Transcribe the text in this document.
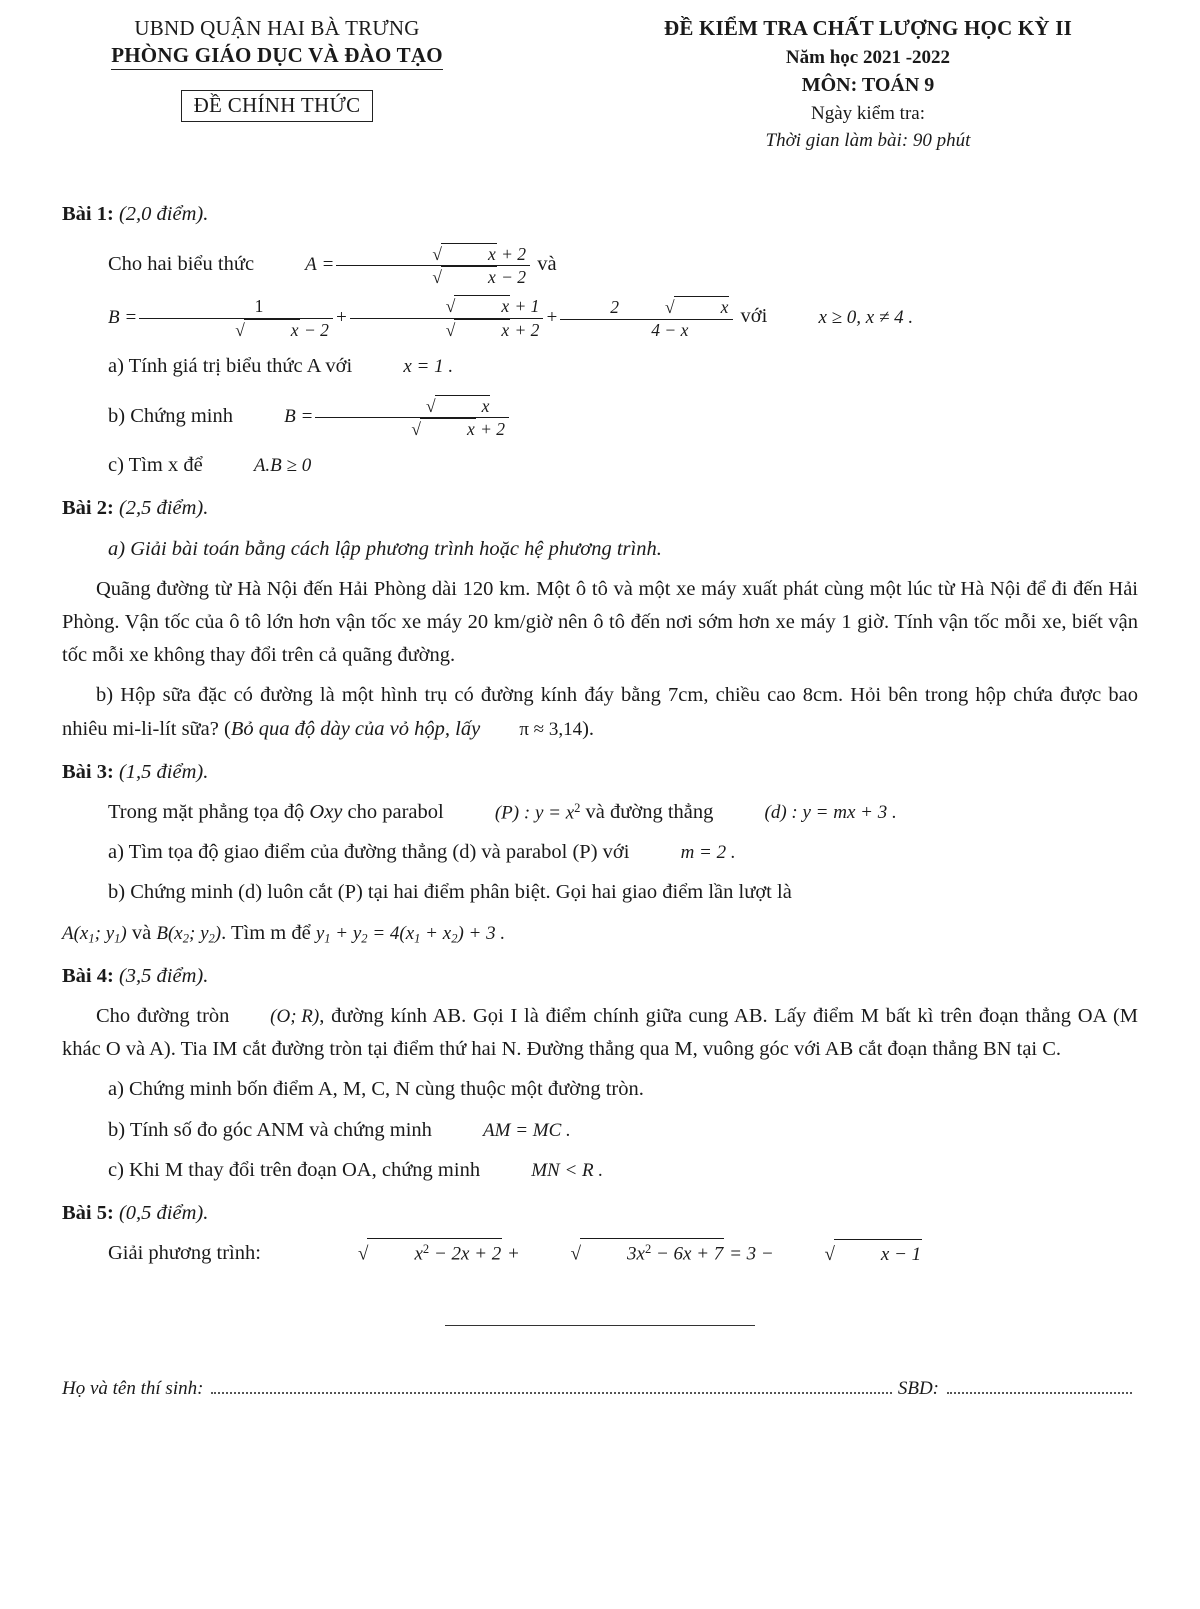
UBND QUẬN HAI BÀ TRƯNG
PHÒNG GIÁO DỤC VÀ ĐÀO TẠO ĐỀ CHÍNH THỨC
ĐỀ KIỂM TRA CHẤT LƯỢNG HỌC KỲ II
Năm học 2021 -2022
MÔN: TOÁN 9
Ngày kiểm tra:
Thời gian làm bài: 90 phút
Bài 1: (2,0 điểm).

Cho hai biểu thức	A = √	x + 2
√	x − 2 và B = 1
√	x − 2 + √	x + 1
√	x + 2 + 2	√	x
4 − x với	x ≥ 0, x ≠ 4 .

a) Tính giá trị biểu thức A với	x = 1 .

b) Chứng minh	B = √	x
√	x + 2

c) Tìm x để	A.B ≥ 0

Bài 2: (2,5 điểm).

a) Giải bài toán bằng cách lập phương trình hoặc hệ phương trình.

Quãng đường từ Hà Nội đến Hải Phòng dài 120 km. Một ô tô và một xe máy xuất phát cùng một lúc từ Hà Nội để đi đến Hải Phòng. Vận tốc của ô tô lớn hơn vận tốc xe máy 20 km/giờ nên ô tô đến nơi sớm hơn xe máy 1 giờ. Tính vận tốc mỗi xe, biết vận tốc mỗi xe không thay đổi trên cả quãng đường.

b) Hộp sữa đặc có đường là một hình trụ có đường kính đáy bằng 7cm, chiều cao 8cm. Hỏi bên trong hộp chứa được bao nhiêu mi-li-lít sữa? (Bỏ qua độ dày của vỏ hộp, lấy π ≈ 3,14).

Bài 3: (1,5 điểm).

Trong mặt phẳng tọa độ Oxy cho parabol	(P) : $y = x^2$ và đường thẳng	(d) : y = mx + 3 .

a) Tìm tọa độ giao điểm của đường thẳng (d) và parabol (P) với	m = 2 .

b) Chứng minh (d) luôn cắt (P) tại hai điểm phân biệt. Gọi hai giao điểm lần lượt là

$A(x_1$; $y_1$) và $B(x_2$; $y_2$). Tìm m để $y_1 + y_2 = 4(x_1 + x_2) + 3$ .

Bài 4: (3,5 điểm).

Cho đường tròn (O; R), đường kính AB. Gọi I là điểm chính giữa cung AB. Lấy điểm M bất kì trên đoạn thẳng OA (M khác O và A). Tia IM cắt đường tròn tại điểm thứ hai N. Đường thẳng qua M, vuông góc với AB cắt đoạn thẳng BN tại C.

a) Chứng minh bốn điểm A, M, C, N cùng thuộc một đường tròn.

b) Tính số đo góc ANM và chứng minh	AM = MC .

c) Khi M thay đổi trên đoạn OA, chứng minh	MN < R .

Bài 5: (0,5 điểm).

Giải phương trình:	√ $x^2 - 2x + 2$ + √ $3x^2 - 6x + 7 = 3$ − √ x − 1

Họ và tên thí sinh:	SBD:
